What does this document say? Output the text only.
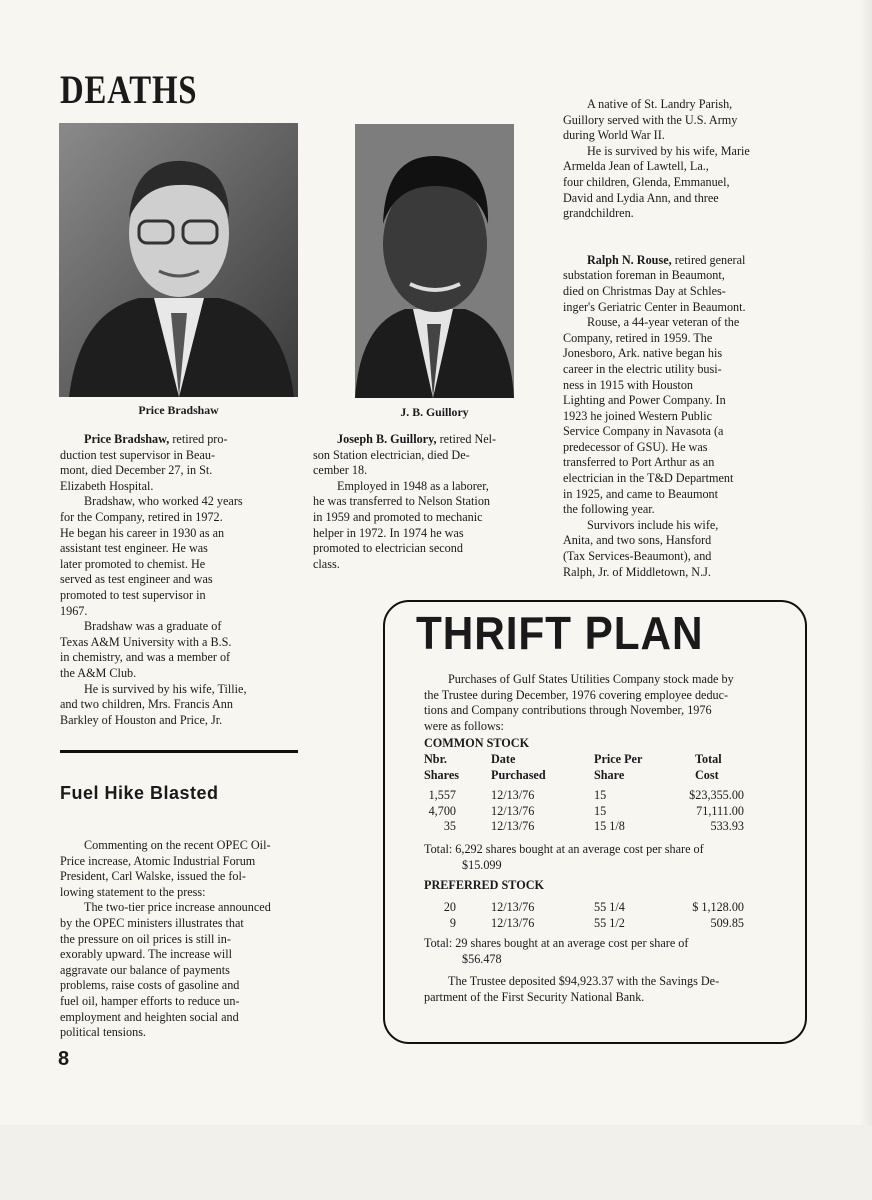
DEATHS

Price Bradshaw	J. B. Guillory

Price Bradshaw, retired pro-
duction test supervisor in Beau-
mont, died December 27, in St.
Elizabeth Hospital.
Bradshaw, who worked 42 years
for the Company, retired in 1972.
He began his career in 1930 as an
assistant test engineer. He was
later promoted to chemist. He
served as test engineer and was
promoted to test supervisor in
1967.
Bradshaw was a graduate of
Texas A&M University with a B.S.
in chemistry, and was a member of
the A&M Club.
He is survived by his wife, Tillie,
and two children, Mrs. Francis Ann
Barkley of Houston and Price, Jr.
Joseph B. Guillory, retired Nel-
son Station electrician, died De-
cember 18.
Employed in 1948 as a laborer,
he was transferred to Nelson Station
in 1959 and promoted to mechanic
helper in 1972. In 1974 he was
promoted to electrician second
class.
A native of St. Landry Parish,
Guillory served with the U.S. Army
during World War II.
He is survived by his wife, Marie
Armelda Jean of Lawtell, La.,
four children, Glenda, Emmanuel,
David and Lydia Ann, and three
grandchildren.
Ralph N. Rouse, retired general
substation foreman in Beaumont,
died on Christmas Day at Schles-
inger's Geriatric Center in Beaumont.
Rouse, a 44-year veteran of the
Company, retired in 1959. The
Jonesboro, Ark. native began his
career in the electric utility busi-
ness in 1915 with Houston
Lighting and Power Company. In
1923 he joined Western Public
Service Company in Navasota (a
predecessor of GSU). He was
transferred to Port Arthur as an
electrician in the T&D Department
in 1925, and came to Beaumont
the following year.
Survivors include his wife,
Anita, and two sons, Hansford
(Tax Services-Beaumont), and
Ralph, Jr. of Middletown, N.J.
Fuel Hike Blasted
Commenting on the recent OPEC Oil-
Price increase, Atomic Industrial Forum
President, Carl Walske, issued the fol-
lowing statement to the press:
The two-tier price increase announced
by the OPEC ministers illustrates that
the pressure on oil prices is still in-
exorably upward. The increase will
aggravate our balance of payments
problems, raise costs of gasoline and
fuel oil, hamper efforts to reduce un-
employment and heighten social and
political tensions.

8

THRIFT PLAN
Purchases of Gulf States Utilities Company stock made by
the Trustee during December, 1976 covering employee deduc-
tions and Company contributions through November, 1976
were as follows:
COMMON STOCK
Nbr.
Shares
Date
Purchased
Price Per
Share
Total
Cost
1,557
4,700
35
12/13/76
12/13/76
12/13/76
15
15
15 1/8
$23,355.00
71,111.00
533.93
Total: 6,292 shares bought at an average cost per share of
$15.099
PREFERRED STOCK
20
9
12/13/76
12/13/76
55 1/4
55 1/2
$ 1,128.00
509.85
Total: 29 shares bought at an average cost per share of
$56.478
The Trustee deposited $94,923.37 with the Savings De-
partment of the First Security National Bank.
